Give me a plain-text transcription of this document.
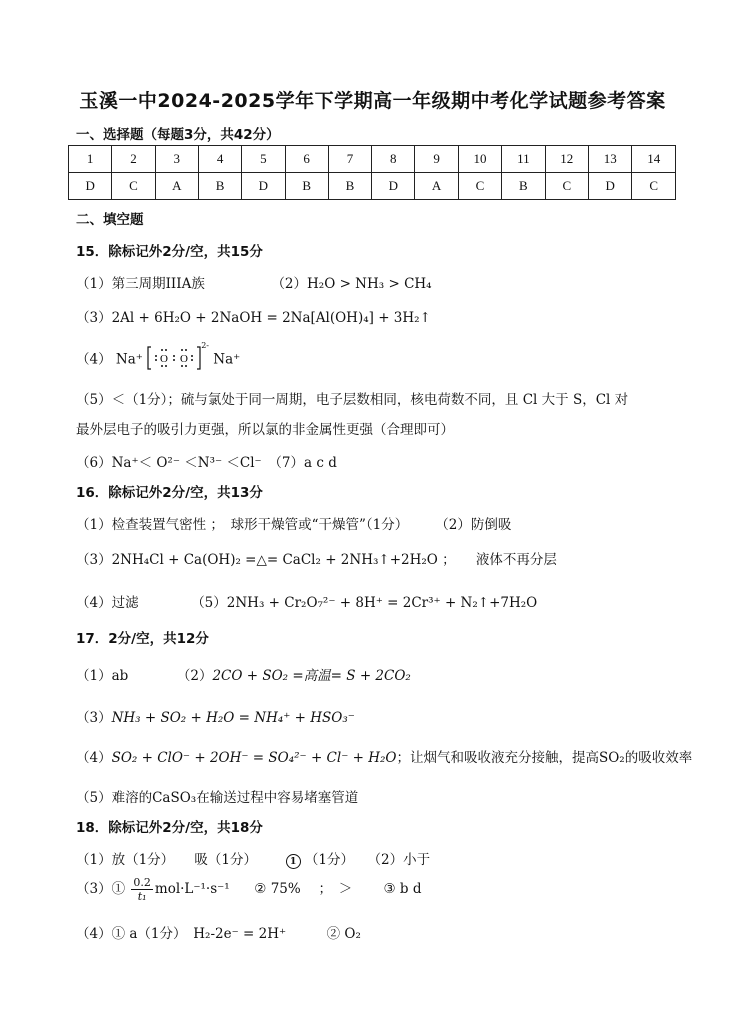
玉溪一中2024-2025学年下学期高一年级期中考化学试题参考答案
一、选择题（每题3分，共42分）
1	2	3	4	5	6	7	8	9	10	11	12	13	14
D	C	A	B	D	B	B	D	A	C	B	C	D	C
二、填空题
15．除标记外2分/空，共15分
（1）第三周期IIIA族	（2）H₂O > NH₃ > CH₄
（3）2Al + 6H₂O + 2NaOH = 2Na[Al(OH)₄] + 3H₂↑
（4） Na⁺ O O
$^{2-}$ Na⁺
（5）＜（1分）；硫与氯处于同一周期，电子层数相同，核电荷数不同，且 Cl 大于 S，Cl 对
最外层电子的吸引力更强，所以氯的非金属性更强（合理即可）
（6）Na⁺＜ O²⁻ ＜N³⁻ ＜Cl⁻　（7）a c d
16．除标记外2分/空，共13分
（1）检查装置气密性 ；　球形干燥管或“干燥管”（1分）　　　（2）防倒吸
（3）2NH₄Cl + Ca(OH)₂ =△= CaCl₂ + 2NH₃↑+2H₂O ；　　液体不再分层
（4）过滤	（5）2NH₃ + Cr₂O₇²⁻ + 8H⁺ = 2Cr³⁺ + N₂↑+7H₂O
17．2分/空，共12分
（1）ab	（2）2CO + SO₂ =高温= S + 2CO₂
（3）NH₃ + SO₂ + H₂O = NH₄⁺ + HSO₃⁻
（4）SO₂ + ClO⁻ + 2OH⁻ = SO₄²⁻ + Cl⁻ + H₂O；让烟气和吸收液充分接触，提高SO₂的吸收效率
（5）难溶的CaSO₃在输送过程中容易堵塞管道
18．除标记外2分/空，共18分
（1）放（1分）　　吸（1分）	1 （1分）　　（2）小于
（3）① $\frac{0.2}{\text{t₁}} mol\cdot L^{-1}\cdot s^{-1}$ ② 75%　 ；　＞　　 ③ b d
（4）① a（1分）　H₂-2e⁻ = 2H⁺　　　② O₂
